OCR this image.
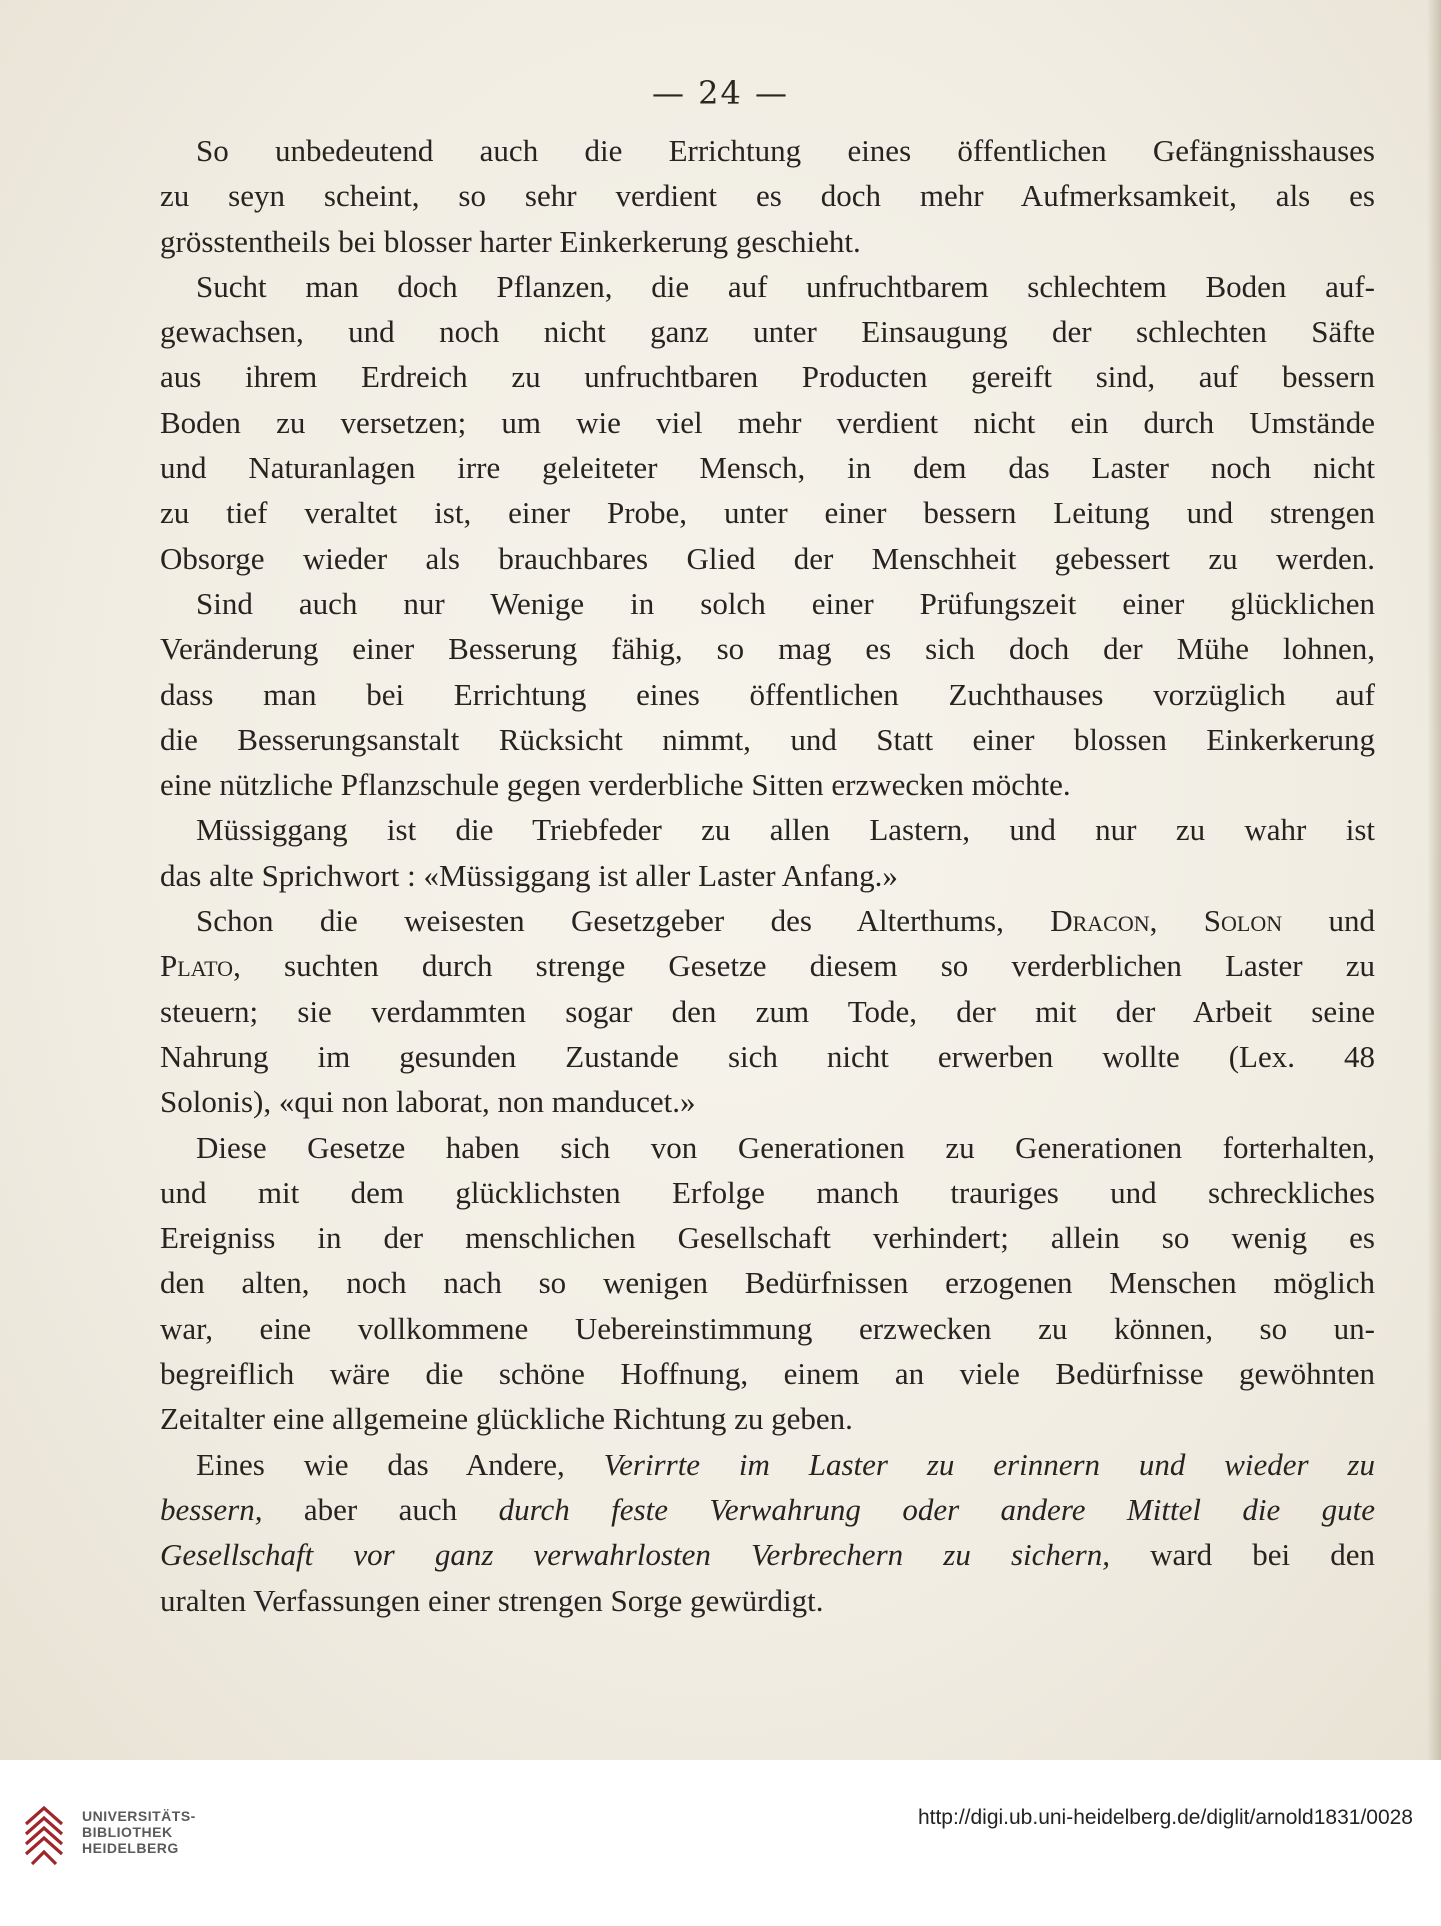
— 24 —
So unbedeutend auch die Errichtung eines öffentlichen Gefängnisshauses
zu seyn scheint, so sehr verdient es doch mehr Aufmerksamkeit, als es
grösstentheils bei blosser harter Einkerkerung geschieht.
Sucht man doch Pflanzen, die auf unfruchtbarem schlechtem Boden auf-
gewachsen, und noch nicht ganz unter Einsaugung der schlechten Säfte
aus ihrem Erdreich zu unfruchtbaren Producten gereift sind, auf bessern
Boden zu versetzen; um wie viel mehr verdient nicht ein durch Umstände
und Naturanlagen irre geleiteter Mensch, in dem das Laster noch nicht
zu tief veraltet ist, einer Probe, unter einer bessern Leitung und strengen
Obsorge wieder als brauchbares Glied der Menschheit gebessert zu werden.
Sind auch nur Wenige in solch einer Prüfungszeit einer glücklichen
Veränderung einer Besserung fähig, so mag es sich doch der Mühe lohnen,
dass man bei Errichtung eines öffentlichen Zuchthauses vorzüglich auf
die Besserungsanstalt Rücksicht nimmt, und Statt einer blossen Einkerkerung
eine nützliche Pflanzschule gegen verderbliche Sitten erzwecken möchte.
Müssiggang ist die Triebfeder zu allen Lastern, und nur zu wahr ist
das alte Sprichwort : «Müssiggang ist aller Laster Anfang.»
Schon die weisesten Gesetzgeber des Alterthums, Dracon, Solon und
Plato, suchten durch strenge Gesetze diesem so verderblichen Laster zu
steuern; sie verdammten sogar den zum Tode, der mit der Arbeit seine
Nahrung im gesunden Zustande sich nicht erwerben wollte (Lex. 48
Solonis), «qui non laborat, non manducet.»
Diese Gesetze haben sich von Generationen zu Generationen forterhalten,
und mit dem glücklichsten Erfolge manch trauriges und schreckliches
Ereigniss in der menschlichen Gesellschaft verhindert; allein so wenig es
den alten, noch nach so wenigen Bedürfnissen erzogenen Menschen möglich
war, eine vollkommene Uebereinstimmung erzwecken zu können, so un-
begreiflich wäre die schöne Hoffnung, einem an viele Bedürfnisse gewöhnten
Zeitalter eine allgemeine glückliche Richtung zu geben.
Eines wie das Andere, Verirrte im Laster zu erinnern und wieder zu
bessern, aber auch durch feste Verwahrung oder andere Mittel die gute
Gesellschaft vor ganz verwahrlosten Verbrechern zu sichern, ward bei den
uralten Verfassungen einer strengen Sorge gewürdigt.
UNIVERSITÄTS-
BIBLIOTHEK
HEIDELBERG
http://digi.ub.uni-heidelberg.de/diglit/arnold1831/0028
